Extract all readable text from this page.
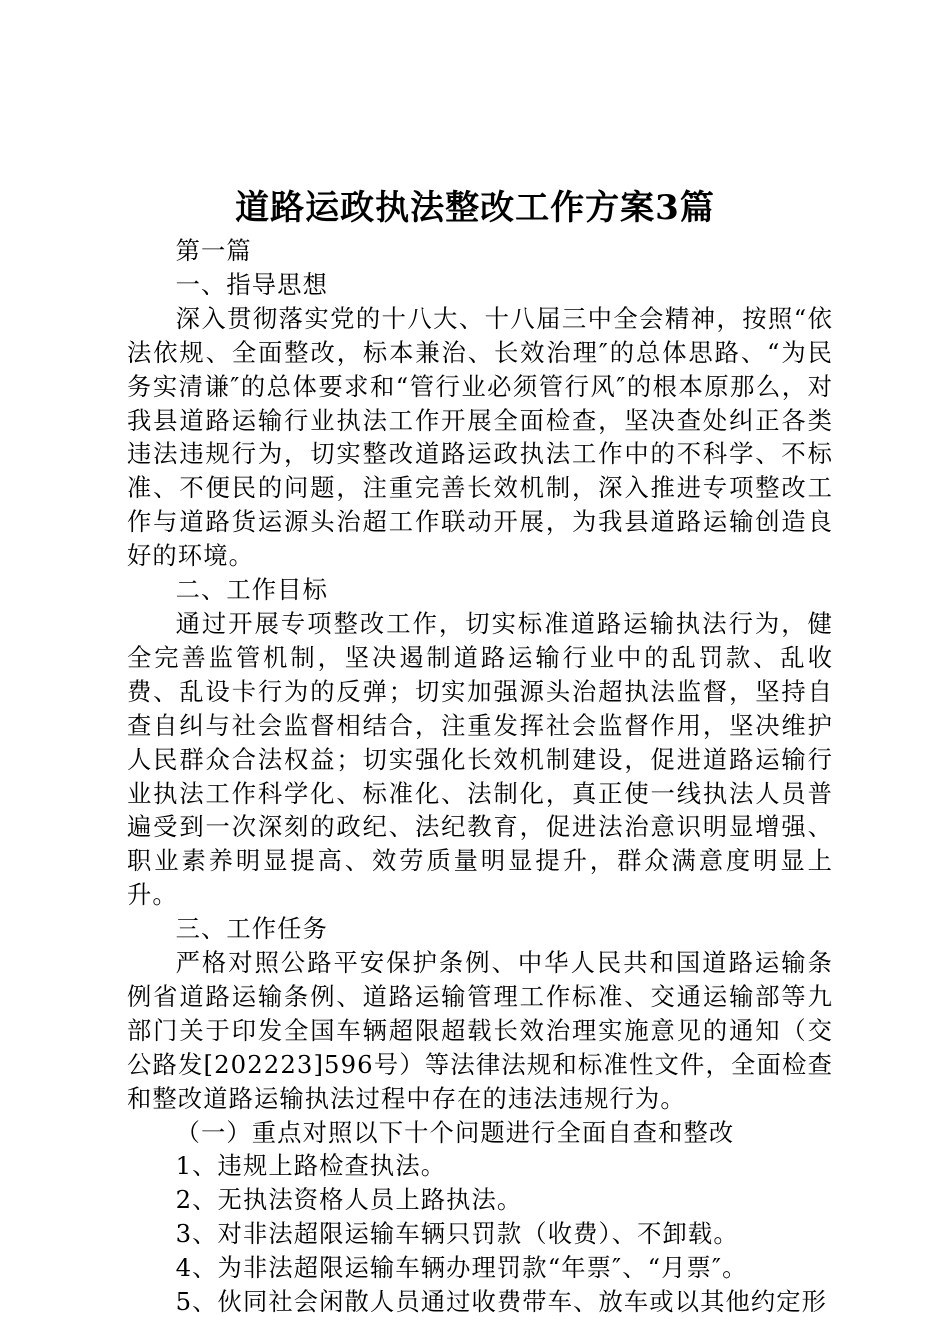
道路运政执法整改工作方案3篇

第一篇

一、指导思想

深入贯彻落实党的十八大、十八届三中全会精神，按照“依法依规、全面整改，标本兼治、长效治理″的总体思路、“为民务实清谦″的总体要求和“管行业必须管行风″的根本原那么，对我县道路运输行业执法工作开展全面检查，坚决查处纠正各类违法违规行为，切实整改道路运政执法工作中的不科学、不标准、不便民的问题，注重完善长效机制，深入推进专项整改工作与道路货运源头治超工作联动开展，为我县道路运输创造良好的环境。

二、工作目标

通过开展专项整改工作，切实标准道路运输执法行为，健全完善监管机制，坚决遏制道路运输行业中的乱罚款、乱收费、乱设卡行为的反弹；切实加强源头治超执法监督，坚持自查自纠与社会监督相结合，注重发挥社会监督作用，坚决维护人民群众合法权益；切实强化长效机制建设，促进道路运输行业执法工作科学化、标准化、法制化，真正使一线执法人员普遍受到一次深刻的政纪、法纪教育，促进法治意识明显增强、职业素养明显提高、效劳质量明显提升，群众满意度明显上升。

三、工作任务

严格对照公路平安保护条例、中华人民共和国道路运输条例省道路运输条例、道路运输管理工作标准、交通运输部等九部门关于印发全国车辆超限超载长效治理实施意见的通知（交公路发[202223]596号）等法律法规和标准性文件，全面检查和整改道路运输执法过程中存在的违法违规行为。

（一）重点对照以下十个问题进行全面自查和整改

1、违规上路检查执法。

2、无执法资格人员上路执法。

3、对非法超限运输车辆只罚款（收费）、不卸载。

4、为非法超限运输车辆办理罚款“年票″、“月票″。

5、伙同社会闲散人员通过收费带车、放车或以其他约定形
